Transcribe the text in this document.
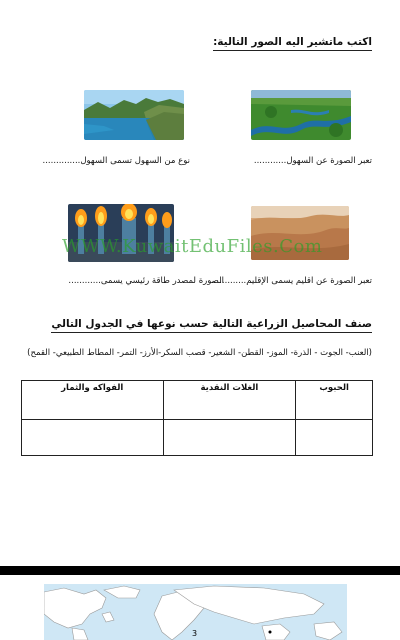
اكتب ماتشير اليه الصور التالية:
تعبر الصورة عن السهول............
نوع من السهول تسمى السهول..............
WWW.KuwaitEduFiles.Com
تعبر الصورة عن اقليم يسمى الإقليم.............
الصورة لمصدر طاقة رئيسي يسمى............
صنف المحاصيل الزراعية التالية حسب نوعها في الجدول التالي
(العنب- الجوت - الذرة- الموز- القطن- الشعير- قصب السكر-الأرز- التمر- المطاط الطبيعي- القمح)
الحبوب	الغلات النقدية	الفواكه والثمار

3
